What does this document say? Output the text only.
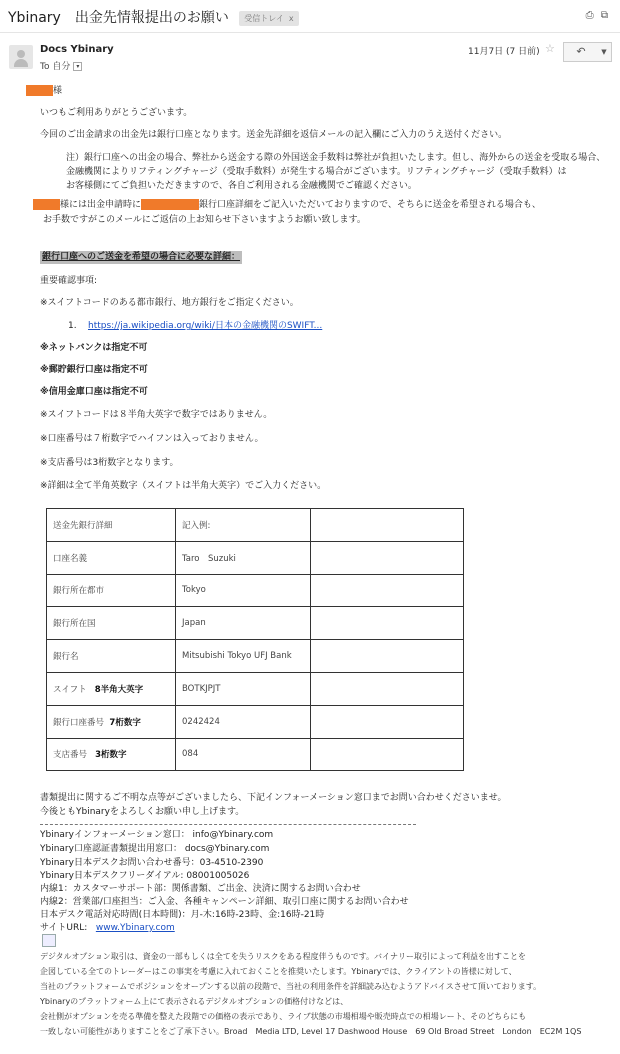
Ybinary　出金先情報提出のお願い 受信トレイ x	⎙ ⧉
Docs Ybinary
To 自分 ▾
11月7日 (7 日前) ☆	↶	▼
様
いつもご利用ありがとうございます。
今回のご出金請求の出金先は銀行口座となります。送金先詳細を返信メールの記入欄にご入力のうえ送付ください。
注）銀行口座への出金の場合、弊社から送金する際の外国送金手数料は弊社が負担いたします。但し、海外からの送金を受取る場合、
金融機関によりリフティングチャージ（受取手数料）が発生する場合がございます。リフティングチャージ（受取手数料）は
お客様側にてご負担いただきますので、各自ご利用される金融機関でご確認ください。
様には出金申請時に	銀行口座詳細をご記入いただいておりますので、そちらに送金を希望される場合も、
お手数ですがこのメールにご返信の上お知らせ下さいますようお願い致します。
銀行口座へのご送金を希望の場合に必要な詳細：
重要確認事項:
※スイフトコードのある都市銀行、地方銀行をご指定ください。
1. https://ja.wikipedia.org/wiki/日本の金融機関のSWIFT...
※ネットバンクは指定不可
※郵貯銀行口座は指定不可
※信用金庫口座は指定不可
※スイフトコードは８半角大英字で数字ではありません。
※口座番号は７桁数字でハイフンは入っておりません。
※支店番号は3桁数字となります。
※詳細は全て半角英数字（スイフトは半角大英字）でご入力ください。
送金先銀行詳細	記入例:	
口座名義	Taro　Suzuki	
銀行所在都市	Tokyo	
銀行所在国	Japan	
銀行名	Mitsubishi Tokyo UFJ Bank	
スイフト 8半角大英字	BOTKJPJT	
銀行口座番号 7桁数字	0242424	
支店番号 3桁数字	084	
書類提出に関するご不明な点等がございましたら、下記インフォーメーション窓口までお問い合わせくださいませ。
今後ともYbinaryをよろしくお願い申し上げます。
Ybinaryインフォーメーション窓口： info@Ybinary.com
Ybinary口座認証書類提出用窓口： docs@Ybinary.com
Ybinary日本デスクお問い合わせ番号：03-4510-2390
Ybinary日本デスクフリーダイアル: 08001005026
内線1：カスタマーサポート部：関係書類、ご出金、決済に関するお問い合わせ
内線2：営業部/口座担当：ご入金、各種キャンペーン詳細、取引口座に関するお問い合わせ
日本デスク電話対応時間(日本時間)：月-木:16時-23時、金:16時-21時
サイトURL: www.Ybinary.com
デジタルオプション取引は、資金の一部もしくは全てを失うリスクをある程度伴うものです。バイナリー取引によって利益を出すことを
企図している全てのトレーダーはこの事実を考慮に入れておくことを推奨いたします。Ybinaryでは、クライアントの皆様に対して、
当社のプラットフォームでポジションをオープンする以前の段階で、当社の利用条件を詳細読み込むようアドバイスさせて頂いております。
Ybinaryのプラットフォーム上にて表示されるデジタルオプションの価格付けなどは、
会社側がオプションを売る準備を整えた段階での価格の表示であり、ライブ状態の市場相場や販売時点での相場レート、そのどちらにも
一致しない可能性がありますことをご了承下さい。Broad　Media LTD, Level 17 Dashwood House　69 Old Broad Street　London　EC2M 1QS
